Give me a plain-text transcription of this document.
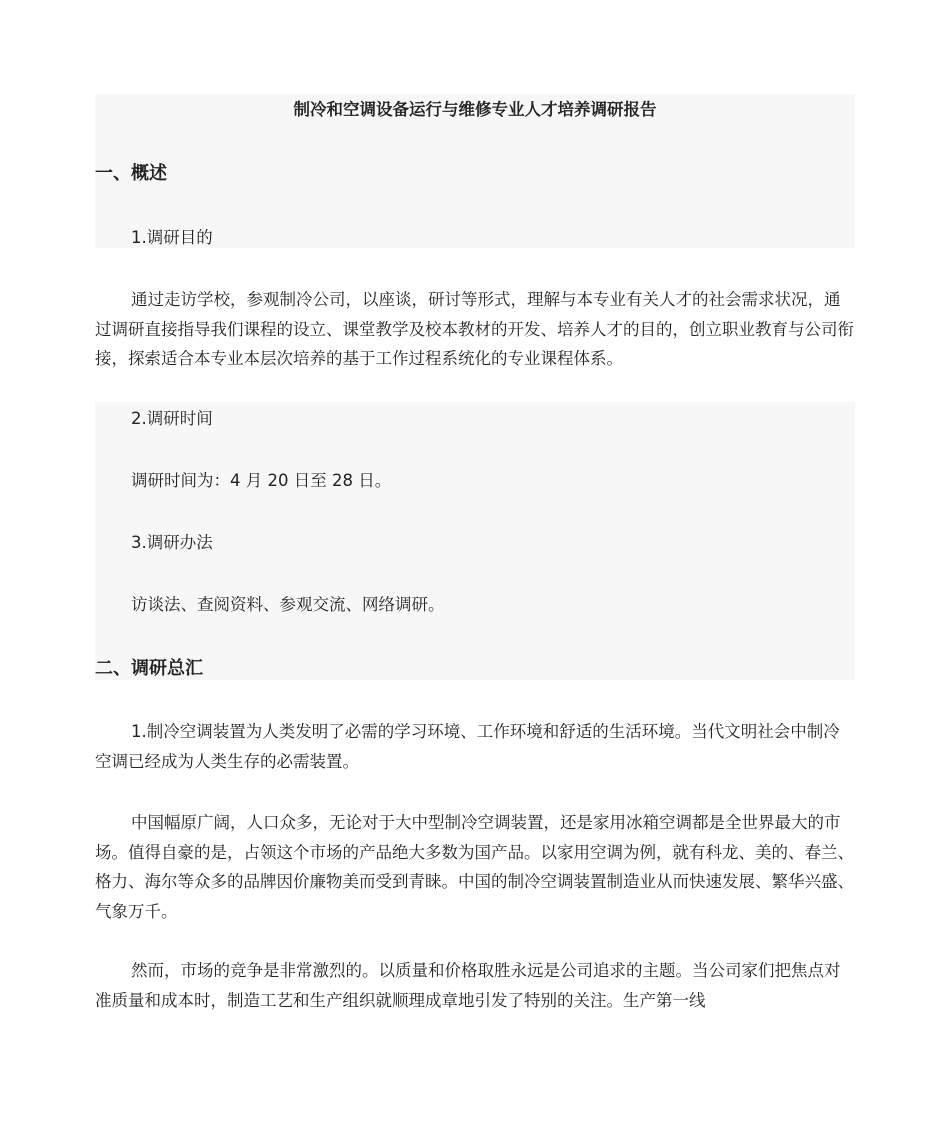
制冷和空调设备运行与维修专业人才培养调研报告
一、概述
1.调研目的
通过走访学校，参观制冷公司，以座谈，研讨等形式，理解与本专业有关人才的社会需求状况，通过调研直接指导我们课程的设立、课堂教学及校本教材的开发、培养人才的目的，创立职业教育与公司衔接，探索适合本专业本层次培养的基于工作过程系统化的专业课程体系。
2.调研时间
调研时间为：4 月 20 日至 28 日。
3.调研办法
访谈法、查阅资料、参观交流、网络调研。
二、调研总汇
1.制冷空调装置为人类发明了必需的学习环境、工作环境和舒适的生活环境。当代文明社会中制冷空调已经成为人类生存的必需装置。
中国幅原广阔，人口众多，无论对于大中型制冷空调装置，还是家用冰箱空调都是全世界最大的市场。值得自豪的是，占领这个市场的产品绝大多数为国产品。以家用空调为例，就有科龙、美的、春兰、格力、海尔等众多的品牌因价廉物美而受到青睐。中国的制冷空调装置制造业从而快速发展、繁华兴盛、气象万千。
然而，市场的竞争是非常激烈的。以质量和价格取胜永远是公司追求的主题。当公司家们把焦点对准质量和成本时，制造工艺和生产组织就顺理成章地引发了特别的关注。生产第一线
